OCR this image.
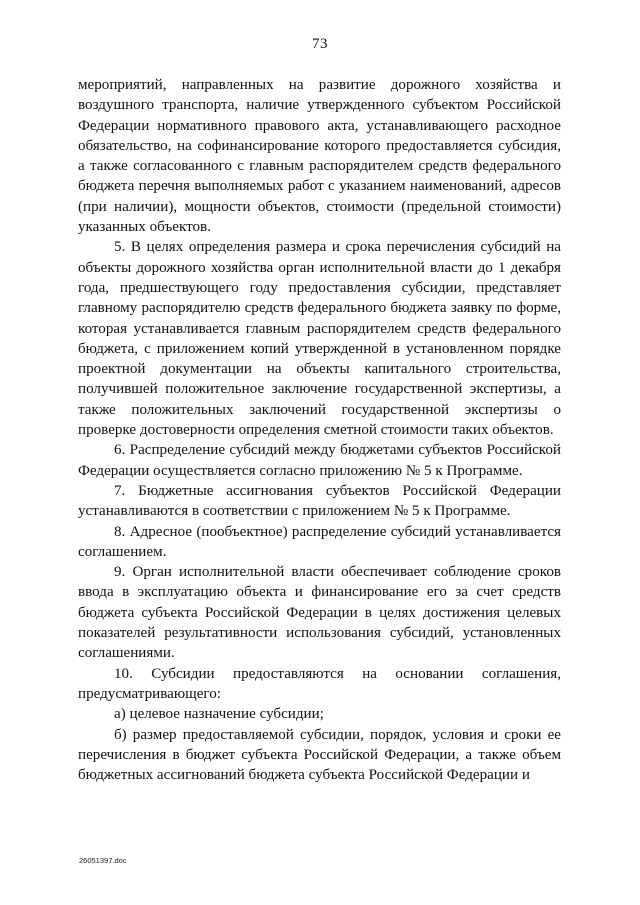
73

мероприятий, направленных на развитие дорожного хозяйства и воздушного транспорта, наличие утвержденного субъектом Российской Федерации нормативного правового акта, устанавливающего расходное обязательство, на софинансирование которого предоставляется субсидия, а также согласованного с главным распорядителем средств федерального бюджета перечня выполняемых работ с указанием наименований, адресов (при наличии), мощности объектов, стоимости (предельной стоимости) указанных объектов.

5. В целях определения размера и срока перечисления субсидий на объекты дорожного хозяйства орган исполнительной власти до 1 декабря года, предшествующего году предоставления субсидии, представляет главному распорядителю средств федерального бюджета заявку по форме, которая устанавливается главным распорядителем средств федерального бюджета, с приложением копий утвержденной в установленном порядке проектной документации на объекты капитального строительства, получившей положительное заключение государственной экспертизы, а также положительных заключений государственной экспертизы о проверке достоверности определения сметной стоимости таких объектов.

6. Распределение субсидий между бюджетами субъектов Российской Федерации осуществляется согласно приложению № 5 к Программе.

7. Бюджетные ассигнования субъектов Российской Федерации устанавливаются в соответствии с приложением № 5 к Программе.

8. Адресное (пообъектное) распределение субсидий устанавливается соглашением.

9. Орган исполнительной власти обеспечивает соблюдение сроков ввода в эксплуатацию объекта и финансирование его за счет средств бюджета субъекта Российской Федерации в целях достижения целевых показателей результативности использования субсидий, установленных соглашениями.

10. Субсидии предоставляются на основании соглашения, предусматривающего:

а) целевое назначение субсидии;

б) размер предоставляемой субсидии, порядок, условия и сроки ее перечисления в бюджет субъекта Российской Федерации, а также объем бюджетных ассигнований бюджета субъекта Российской Федерации и

26051397.doc
